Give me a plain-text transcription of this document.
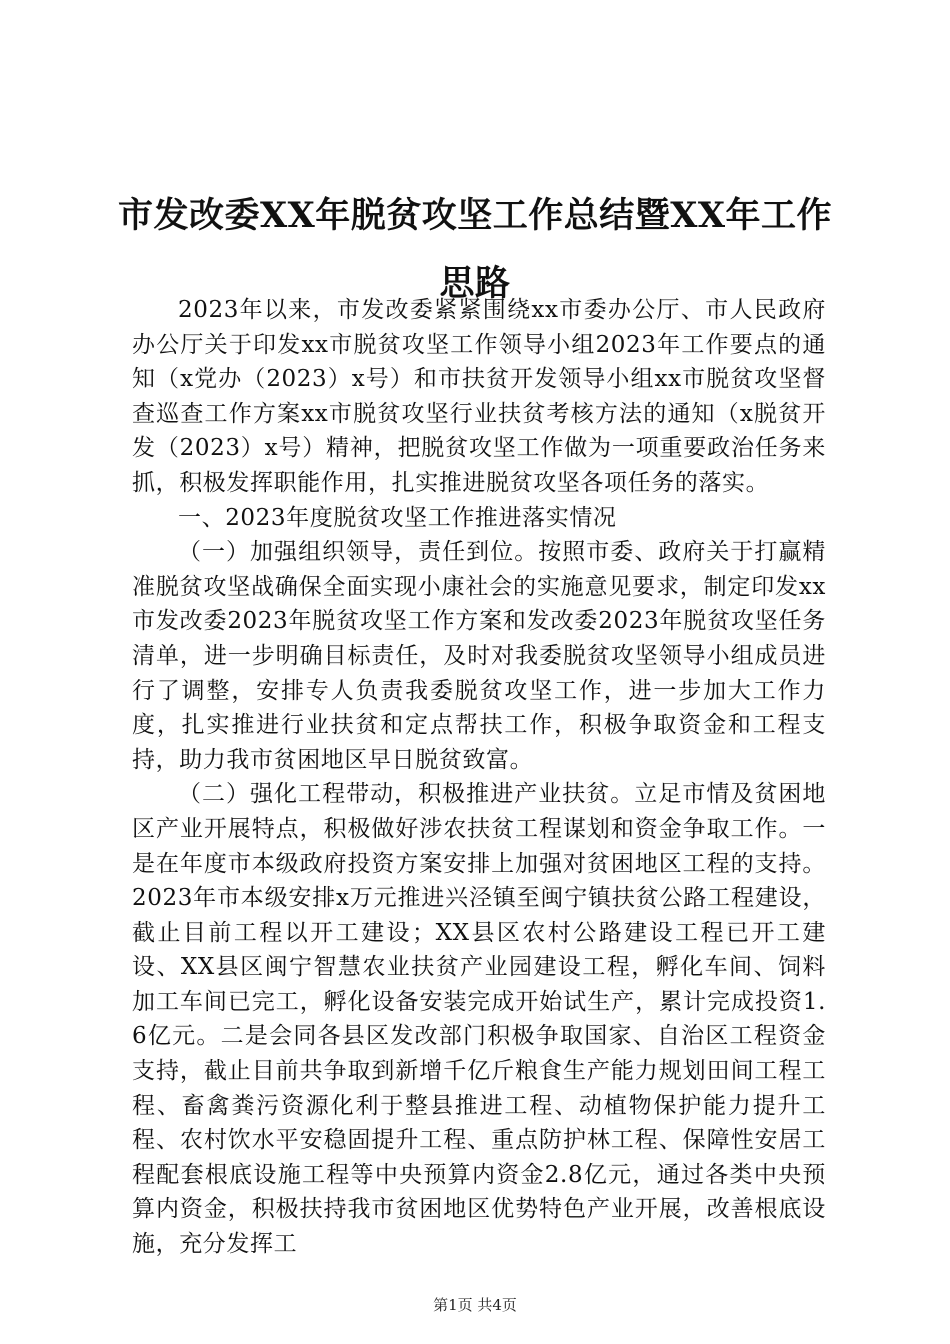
市发改委XX年脱贫攻坚工作总结暨XX年工作思路

2023年以来，市发改委紧紧围绕xx市委办公厅、市人民政府办公厅关于印发xx市脱贫攻坚工作领导小组2023年工作要点的通知（x党办（2023）x号）和市扶贫开发领导小组xx市脱贫攻坚督查巡查工作方案xx市脱贫攻坚行业扶贫考核方法的通知（x脱贫开发（2023）x号）精神，把脱贫攻坚工作做为一项重要政治任务来抓，积极发挥职能作用，扎实推进脱贫攻坚各项任务的落实。

一、2023年度脱贫攻坚工作推进落实情况

（一）加强组织领导，责任到位。按照市委、政府关于打赢精准脱贫攻坚战确保全面实现小康社会的实施意见要求，制定印发xx市发改委2023年脱贫攻坚工作方案和发改委2023年脱贫攻坚任务清单，进一步明确目标责任，及时对我委脱贫攻坚领导小组成员进行了调整，安排专人负责我委脱贫攻坚工作，进一步加大工作力度，扎实推进行业扶贫和定点帮扶工作，积极争取资金和工程支持，助力我市贫困地区早日脱贫致富。

（二）强化工程带动，积极推进产业扶贫。立足市情及贫困地区产业开展特点，积极做好涉农扶贫工程谋划和资金争取工作。一是在年度市本级政府投资方案安排上加强对贫困地区工程的支持。2023年市本级安排x万元推进兴泾镇至闽宁镇扶贫公路工程建设，截止目前工程以开工建设；XX县区农村公路建设工程已开工建设、XX县区闽宁智慧农业扶贫产业园建设工程，孵化车间、饲料加工车间已完工，孵化设备安装完成开始试生产，累计完成投资1.6亿元。二是会同各县区发改部门积极争取国家、自治区工程资金支持，截止目前共争取到新增千亿斤粮食生产能力规划田间工程工程、畜禽粪污资源化利于整县推进工程、动植物保护能力提升工程、农村饮水平安稳固提升工程、重点防护林工程、保障性安居工程配套根底设施工程等中央预算内资金2.8亿元，通过各类中央预算内资金，积极扶持我市贫困地区优势特色产业开展，改善根底设施，充分发挥工

第1页 共4页
